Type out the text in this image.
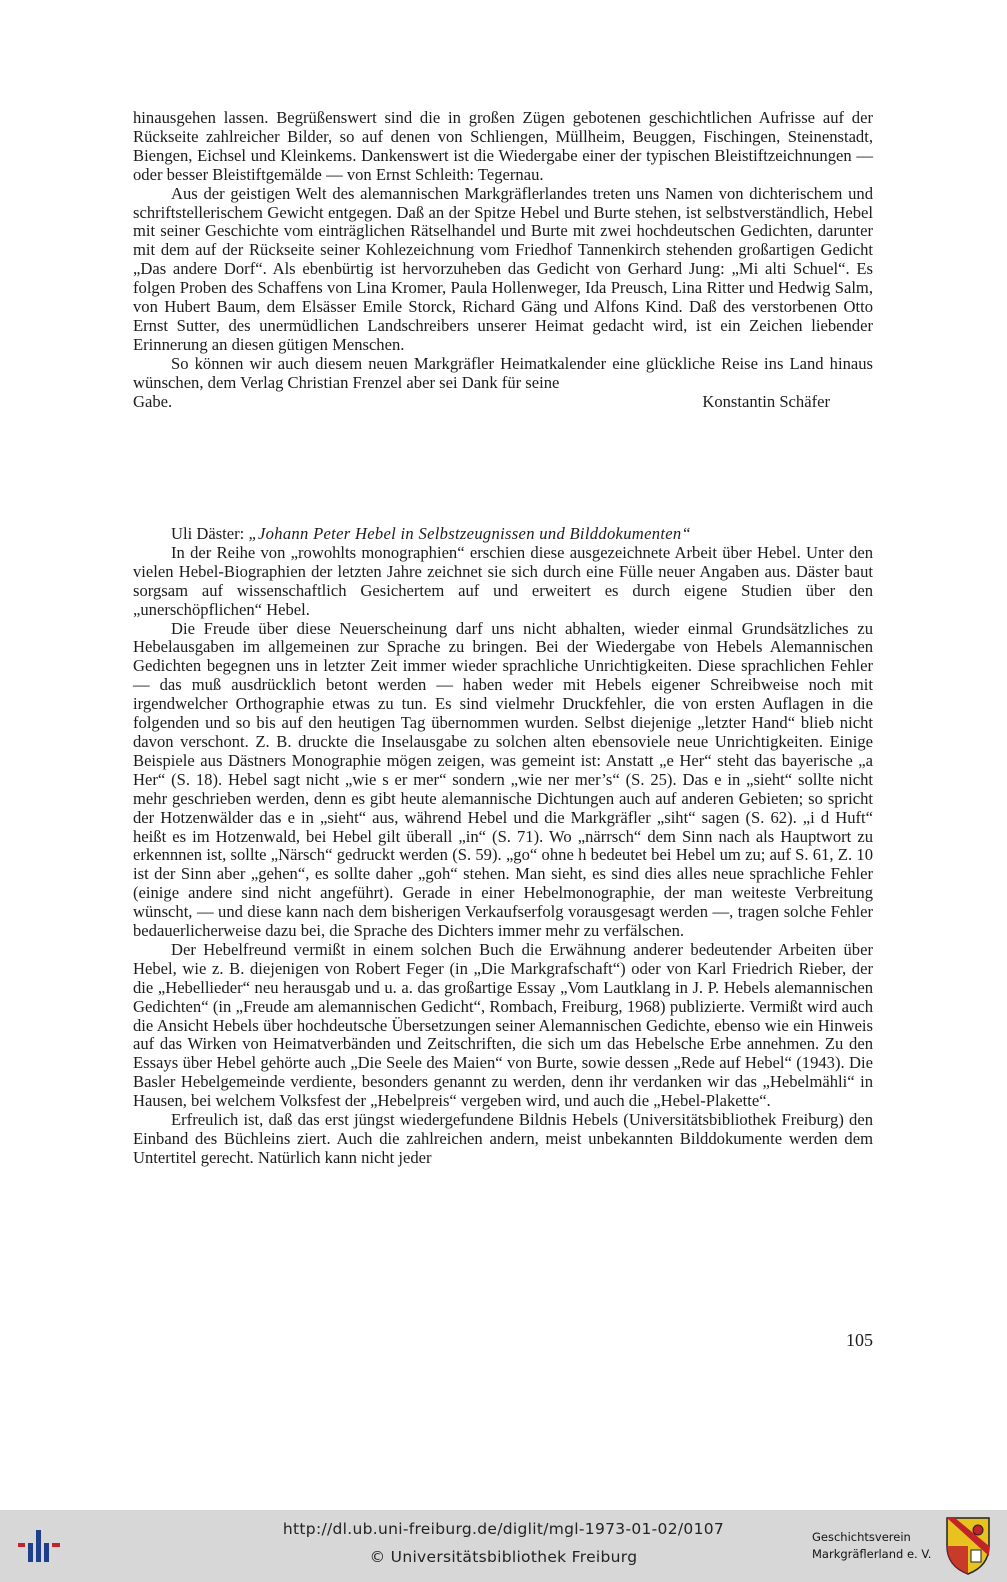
hinausgehen lassen. Begrüßenswert sind die in großen Zügen gebotenen geschichtlichen Aufrisse auf der Rückseite zahlreicher Bilder, so auf denen von Schliengen, Müllheim, Beuggen, Fischingen, Steinenstadt, Biengen, Eichsel und Kleinkems. Dankenswert ist die Wiedergabe einer der typischen Bleistiftzeichnungen — oder besser Bleistiftgemälde — von Ernst Schleith: Tegernau.

Aus der geistigen Welt des alemannischen Markgräflerlandes treten uns Namen von dichterischem und schriftstellerischem Gewicht entgegen. Daß an der Spitze Hebel und Burte stehen, ist selbstverständlich, Hebel mit seiner Geschichte vom einträglichen Rätselhandel und Burte mit zwei hochdeutschen Gedichten, darunter mit dem auf der Rückseite seiner Kohlezeichnung vom Friedhof Tannenkirch stehenden großartigen Gedicht „Das andere Dorf“. Als ebenbürtig ist hervorzuheben das Gedicht von Gerhard Jung: „Mi alti Schuel“. Es folgen Proben des Schaffens von Lina Kromer, Paula Hollenweger, Ida Preusch, Lina Ritter und Hedwig Salm, von Hubert Baum, dem Elsässer Emile Storck, Richard Gäng und Alfons Kind. Daß des verstorbenen Otto Ernst Sutter, des unermüdlichen Landschreibers unserer Heimat gedacht wird, ist ein Zeichen liebender Erinnerung an diesen gütigen Menschen.

So können wir auch diesem neuen Markgräfler Heimatkalender eine glückliche Reise ins Land hinaus wünschen, dem Verlag Christian Frenzel aber sei Dank für seine

Gabe.	Konstantin Schäfer

Uli Däster: „Johann Peter Hebel in Selbstzeugnissen und Bilddokumenten“

In der Reihe von „rowohlts monographien“ erschien diese ausgezeichnete Arbeit über Hebel. Unter den vielen Hebel-Biographien der letzten Jahre zeichnet sie sich durch eine Fülle neuer Angaben aus. Däster baut sorgsam auf wissenschaftlich Gesichertem auf und erweitert es durch eigene Studien über den „unerschöpflichen“ Hebel.

Die Freude über diese Neuerscheinung darf uns nicht abhalten, wieder einmal Grundsätzliches zu Hebelausgaben im allgemeinen zur Sprache zu bringen. Bei der Wiedergabe von Hebels Alemannischen Gedichten begegnen uns in letzter Zeit immer wieder sprachliche Unrichtigkeiten. Diese sprachlichen Fehler — das muß ausdrücklich betont werden — haben weder mit Hebels eigener Schreibweise noch mit irgendwelcher Orthographie etwas zu tun. Es sind vielmehr Druckfehler, die von ersten Auflagen in die folgenden und so bis auf den heutigen Tag übernommen wurden. Selbst diejenige „letzter Hand“ blieb nicht davon verschont. Z. B. druckte die Inselausgabe zu solchen alten ebensoviele neue Unrichtigkeiten. Einige Beispiele aus Dästners Monographie mögen zeigen, was gemeint ist: Anstatt „e Her“ steht das bayerische „a Her“ (S. 18). Hebel sagt nicht „wie s er mer“ sondern „wie ner mer’s“ (S. 25). Das e in „sieht“ sollte nicht mehr geschrieben werden, denn es gibt heute alemannische Dichtungen auch auf anderen Gebieten; so spricht der Hotzenwälder das e in „sieht“ aus, während Hebel und die Markgräfler „siht“ sagen (S. 62). „i d Huft“ heißt es im Hotzenwald, bei Hebel gilt überall „in“ (S. 71). Wo „närrsch“ dem Sinn nach als Hauptwort zu erkennnen ist, sollte „Närsch“ gedruckt werden (S. 59). „go“ ohne h bedeutet bei Hebel um zu; auf S. 61, Z. 10 ist der Sinn aber „gehen“, es sollte daher „goh“ stehen. Man sieht, es sind dies alles neue sprachliche Fehler (einige andere sind nicht angeführt). Gerade in einer Hebelmonographie, der man weiteste Verbreitung wünscht, — und diese kann nach dem bisherigen Verkaufserfolg vorausgesagt werden —, tragen solche Fehler bedauerlicherweise dazu bei, die Sprache des Dichters immer mehr zu verfälschen.

Der Hebelfreund vermißt in einem solchen Buch die Erwähnung anderer bedeutender Arbeiten über Hebel, wie z. B. diejenigen von Robert Feger (in „Die Markgrafschaft“) oder von Karl Friedrich Rieber, der die „Hebellieder“ neu herausgab und u. a. das großartige Essay „Vom Lautklang in J. P. Hebels alemannischen Gedichten“ (in „Freude am alemannischen Gedicht“, Rombach, Freiburg, 1968) publizierte. Vermißt wird auch die Ansicht Hebels über hochdeutsche Übersetzungen seiner Alemannischen Gedichte, ebenso wie ein Hinweis auf das Wirken von Heimatverbänden und Zeitschriften, die sich um das Hebelsche Erbe annehmen. Zu den Essays über Hebel gehörte auch „Die Seele des Maien“ von Burte, sowie dessen „Rede auf Hebel“ (1943). Die Basler Hebelgemeinde verdiente, besonders genannt zu werden, denn ihr verdanken wir das „Hebelmähli“ in Hausen, bei welchem Volksfest der „Hebelpreis“ vergeben wird, und auch die „Hebel-Plakette“.

Erfreulich ist, daß das erst jüngst wiedergefundene Bildnis Hebels (Universitätsbibliothek Freiburg) den Einband des Büchleins ziert. Auch die zahlreichen andern, meist unbekannten Bilddokumente werden dem Untertitel gerecht. Natürlich kann nicht jeder

105
http://dl.ub.uni-freiburg.de/diglit/mgl-1973-01-02/0107
© Universitätsbibliothek Freiburg
Geschichtsverein
Markgräflerland e. V.
